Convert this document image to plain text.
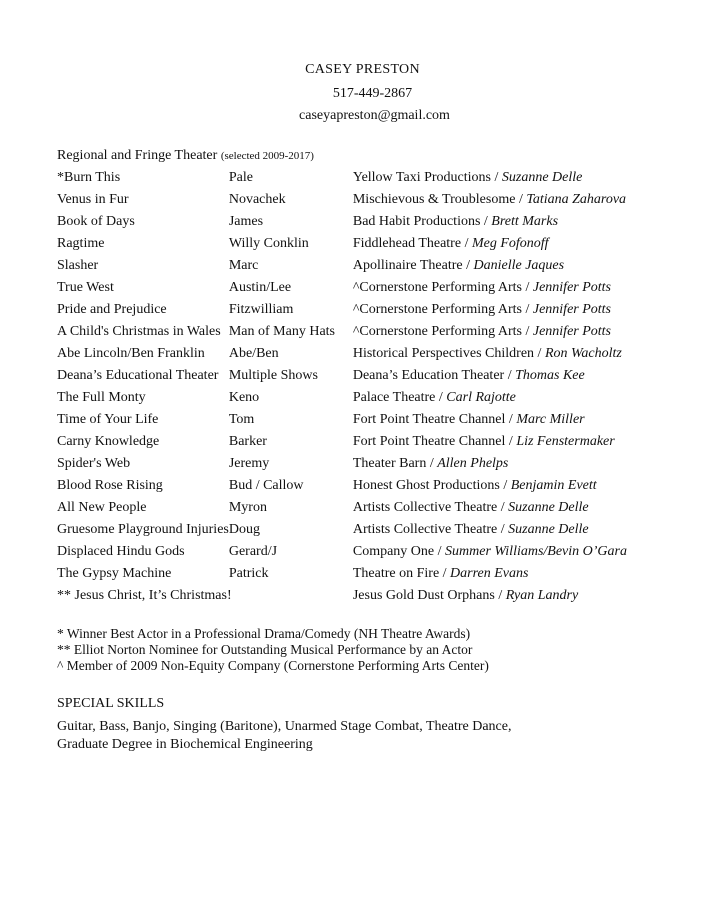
CASEY PRESTON
517-449-2867
caseyapreston@gmail.com
Regional and Fringe Theater (selected 2009-2017)
*Burn This	Pale	Yellow Taxi Productions / Suzanne Delle
Venus in Fur	Novachek	Mischievous & Troublesome / Tatiana Zaharova
Book of Days	James	Bad Habit Productions / Brett Marks
Ragtime	Willy Conklin	Fiddlehead Theatre / Meg Fofonoff
Slasher	Marc	Apollinaire Theatre / Danielle Jaques
True West	Austin/Lee	^Cornerstone Performing Arts / Jennifer Potts
Pride and Prejudice	Fitzwilliam	^Cornerstone Performing Arts / Jennifer Potts
A Child's Christmas in Wales	Man of Many Hats	^Cornerstone Performing Arts / Jennifer Potts
Abe Lincoln/Ben Franklin	Abe/Ben	Historical Perspectives Children / Ron Wacholtz
Deana’s Educational Theater	Multiple Shows	Deana’s Education Theater / Thomas Kee
The Full Monty	Keno	Palace Theatre / Carl Rajotte
Time of Your Life	Tom	Fort Point Theatre Channel / Marc Miller
Carny Knowledge	Barker	Fort Point Theatre Channel / Liz Fenstermaker
Spider's Web	Jeremy	Theater Barn / Allen Phelps
Blood Rose Rising	Bud / Callow	Honest Ghost Productions / Benjamin Evett
All New People	Myron	Artists Collective Theatre / Suzanne Delle
Gruesome Playground Injuries	Doug	Artists Collective Theatre / Suzanne Delle
Displaced Hindu Gods	Gerard/J	Company One / Summer Williams/Bevin O’Gara
The Gypsy Machine	Patrick	Theatre on Fire / Darren Evans
** Jesus Christ, It’s Christmas!		Jesus Gold Dust Orphans / Ryan Landry
* Winner Best Actor in a Professional Drama/Comedy (NH Theatre Awards)
** Elliot Norton Nominee for Outstanding Musical Performance by an Actor
^ Member of 2009 Non-Equity Company (Cornerstone Performing Arts Center)
SPECIAL SKILLS
Guitar, Bass, Banjo, Singing (Baritone), Unarmed Stage Combat, Theatre Dance,
Graduate Degree in Biochemical Engineering
